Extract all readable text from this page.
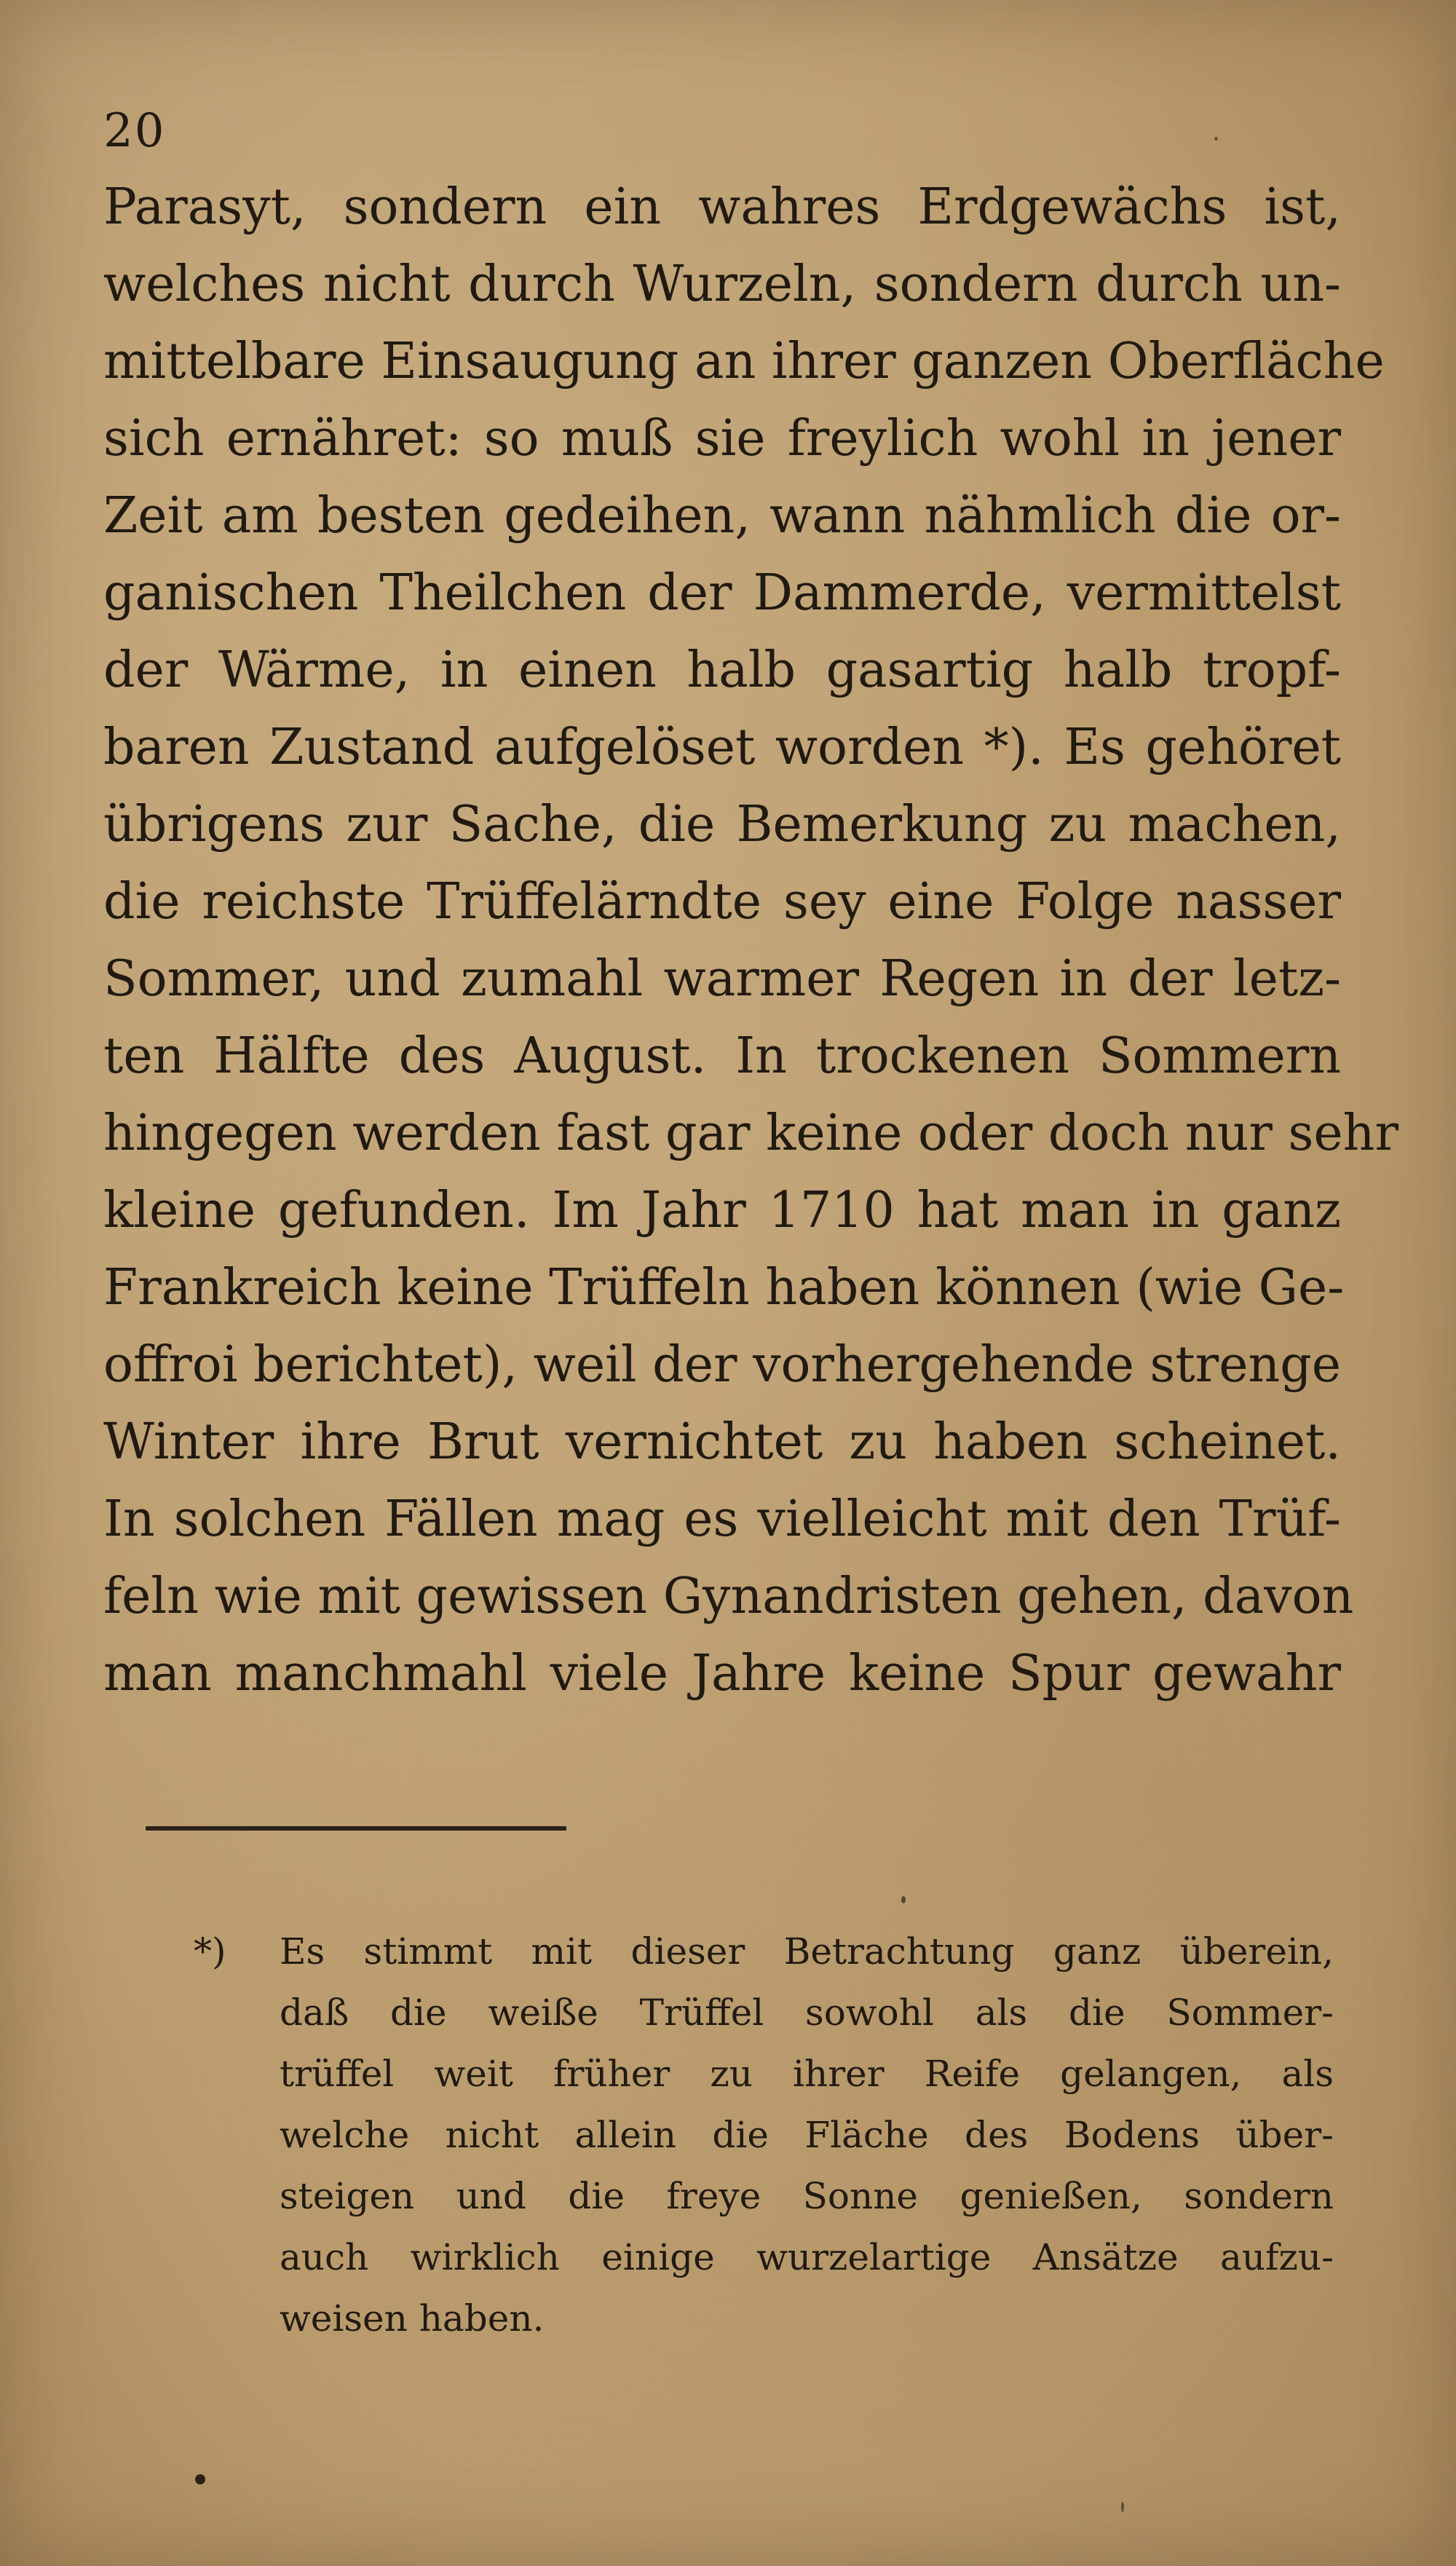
20
Parasyt, sondern ein wahres Erdgewächs ist,
welches nicht durch Wurzeln, sondern durch un-
mittelbare Einsaugung an ihrer ganzen Oberfläche
sich ernähret: so muß sie freylich wohl in jener
Zeit am besten gedeihen, wann nähmlich die or-
ganischen Theilchen der Dammerde, vermittelst
der Wärme, in einen halb gasartig halb tropf-
baren Zustand aufgelöset worden *). Es gehöret
übrigens zur Sache, die Bemerkung zu machen,
die reichste Trüffelärndte sey eine Folge nasser
Sommer, und zumahl warmer Regen in der letz-
ten Hälfte des August. In trockenen Sommern
hingegen werden fast gar keine oder doch nur sehr
kleine gefunden. Im Jahr 1710 hat man in ganz
Frankreich keine Trüffeln haben können (wie Ge-
offroi berichtet), weil der vorhergehende strenge
Winter ihre Brut vernichtet zu haben scheinet.
In solchen Fällen mag es vielleicht mit den Trüf-
feln wie mit gewissen Gynandristen gehen, davon
man manchmahl viele Jahre keine Spur gewahr
*) Es stimmt mit dieser Betrachtung ganz überein,
daß die weiße Trüffel sowohl als die Sommer-
trüffel weit früher zu ihrer Reife gelangen, als
welche nicht allein die Fläche des Bodens über-
steigen und die freye Sonne genießen, sondern
auch wirklich einige wurzelartige Ansätze aufzu-
weisen haben.
